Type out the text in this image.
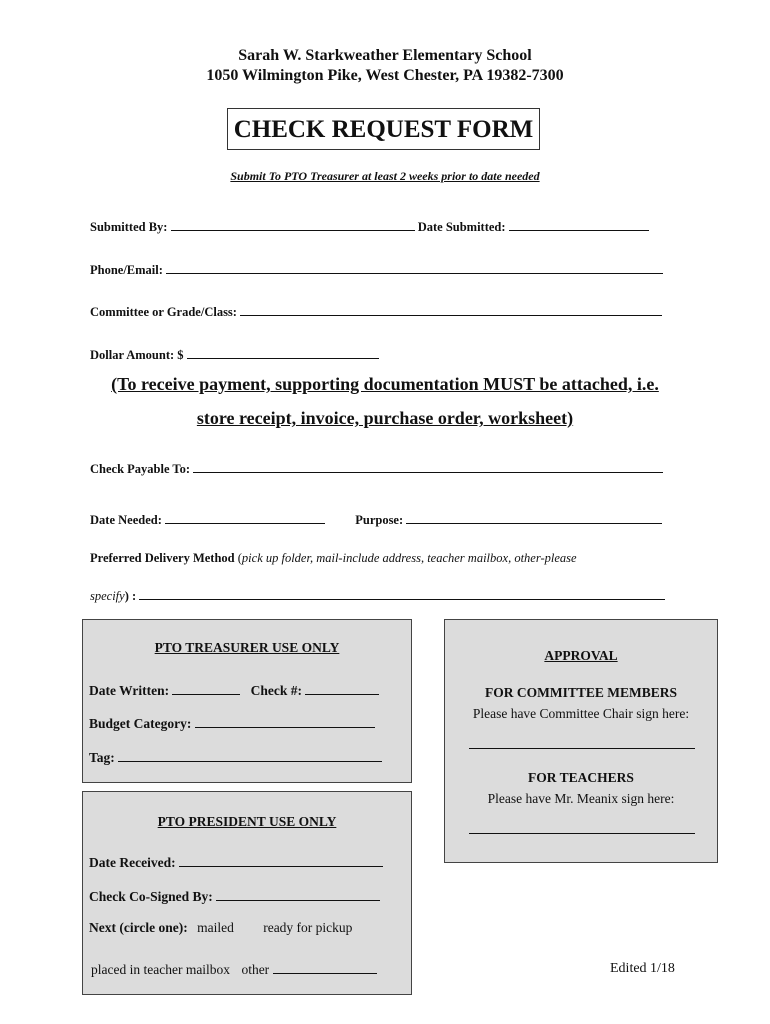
Sarah W. Starkweather Elementary School
1050 Wilmington Pike, West Chester, PA 19382-7300
CHECK REQUEST FORM
Submit To PTO Treasurer at least 2 weeks prior to date needed
Submitted By:	Date Submitted:
Phone/Email:
Committee or Grade/Class:
Dollar Amount: $
(To receive payment, supporting documentation MUST be attached, i.e.
store receipt, invoice, purchase order, worksheet)
Check Payable To:
Date Needed:	Purpose:
Preferred Delivery Method (pick up folder, mail-include address, teacher mailbox, other-please
specify) :
PTO TREASURER USE ONLY
Date Written:	Check #:
Budget Category:
Tag:
PTO PRESIDENT USE ONLY
Date Received:
Check Co-Signed By:
Next (circle one): mailed ready for pickup
placed in teacher mailbox other
APPROVAL
FOR COMMITTEE MEMBERS
Please have Committee Chair sign here:
FOR TEACHERS
Please have Mr. Meanix sign here:
Edited 1/18
